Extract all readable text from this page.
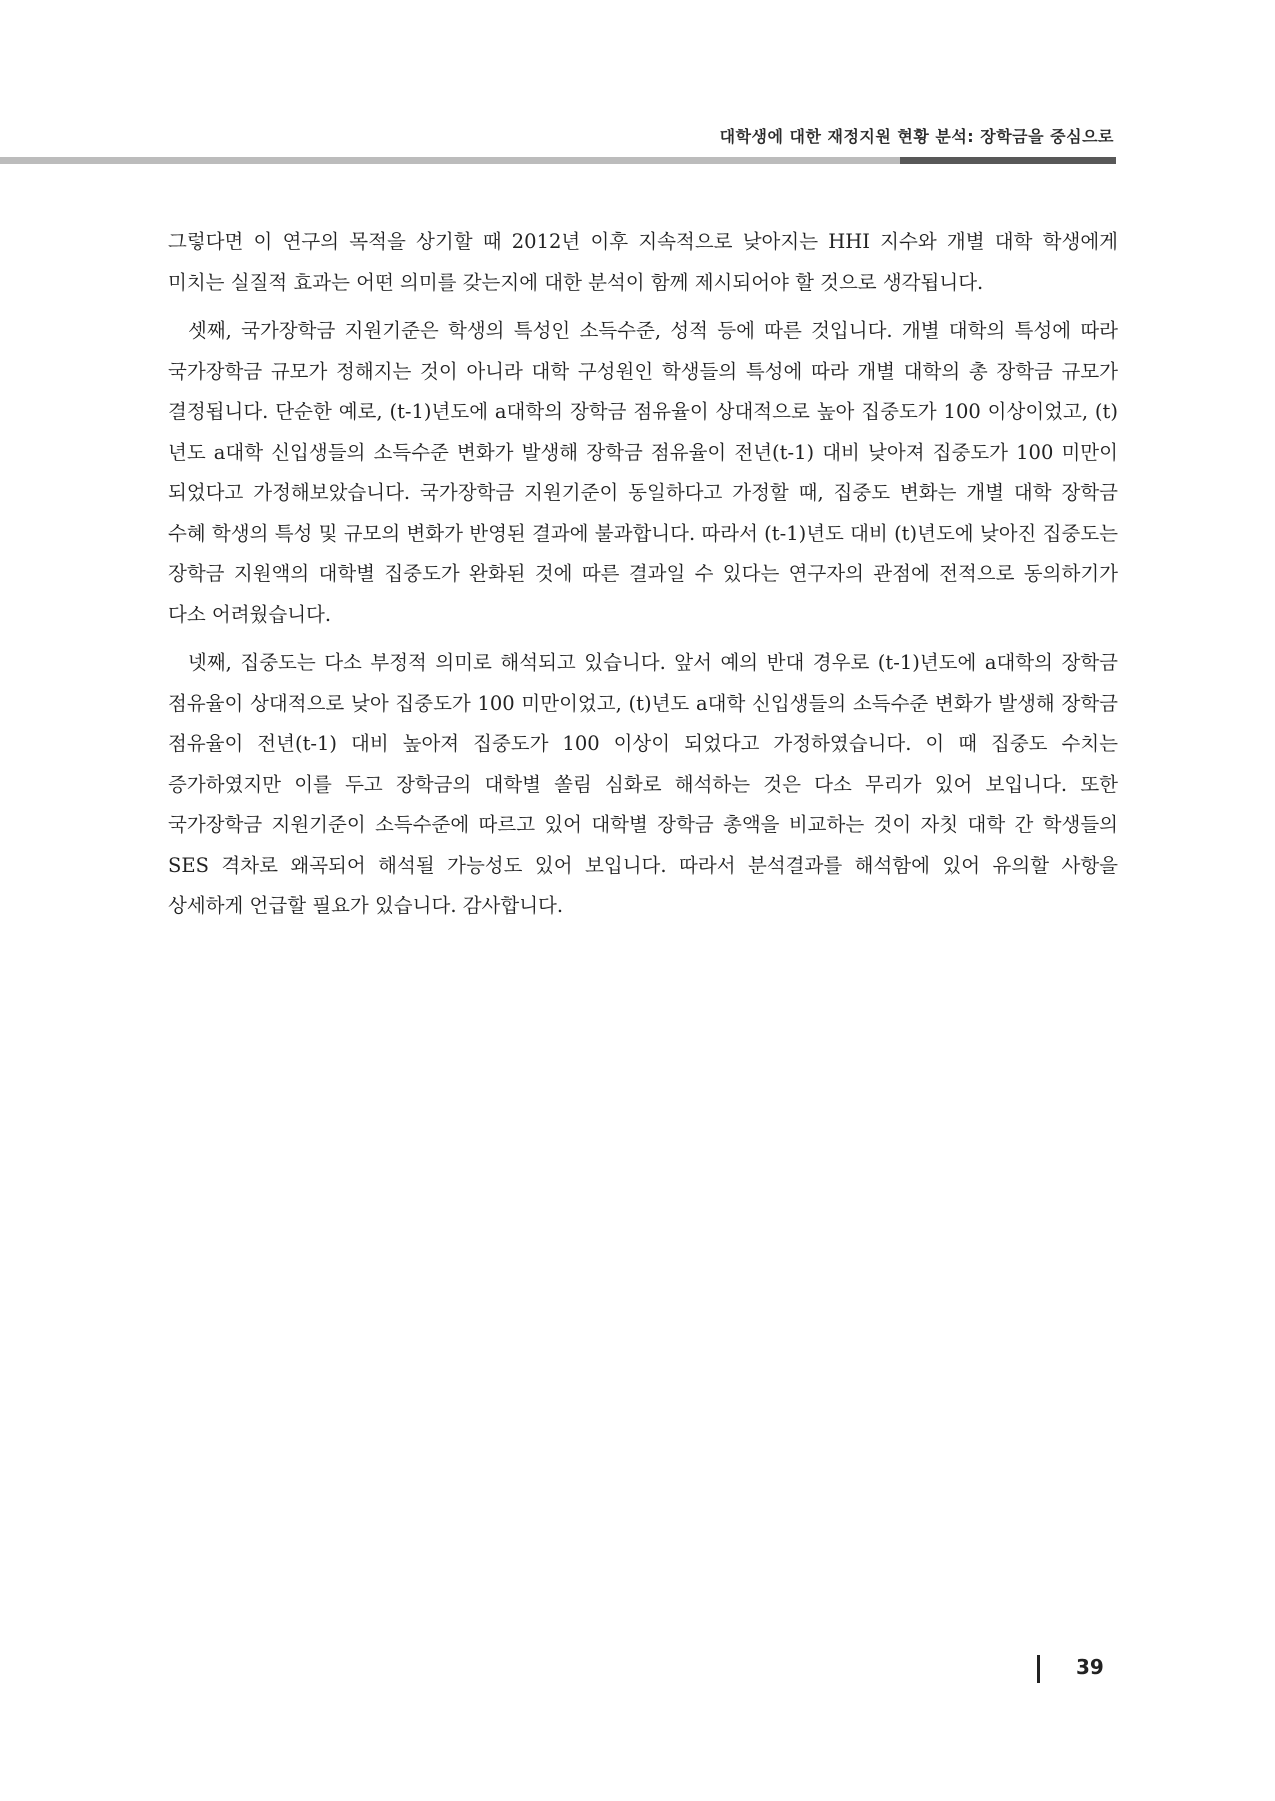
대학생에 대한 재정지원 현황 분석: 장학금을 중심으로

그렇다면 이 연구의 목적을 상기할 때 2012년 이후 지속적으로 낮아지는 HHI 지수와 개별 대학 학생에게 미치는 실질적 효과는 어떤 의미를 갖는지에 대한 분석이 함께 제시되어야 할 것으로 생각됩니다.

셋째, 국가장학금 지원기준은 학생의 특성인 소득수준, 성적 등에 따른 것입니다. 개별 대학의 특성에 따라 국가장학금 규모가 정해지는 것이 아니라 대학 구성원인 학생들의 특성에 따라 개별 대학의 총 장학금 규모가 결정됩니다. 단순한 예로, (t-1)년도에 a대학의 장학금 점유율이 상대적으로 높아 집중도가 100 이상이었고, (t)년도 a대학 신입생들의 소득수준 변화가 발생해 장학금 점유율이 전년(t-1) 대비 낮아져 집중도가 100 미만이 되었다고 가정해보았습니다. 국가장학금 지원기준이 동일하다고 가정할 때, 집중도 변화는 개별 대학 장학금 수혜 학생의 특성 및 규모의 변화가 반영된 결과에 불과합니다. 따라서 (t-1)년도 대비 (t)년도에 낮아진 집중도는 장학금 지원액의 대학별 집중도가 완화된 것에 따른 결과일 수 있다는 연구자의 관점에 전적으로 동의하기가 다소 어려웠습니다.

넷째, 집중도는 다소 부정적 의미로 해석되고 있습니다. 앞서 예의 반대 경우로 (t-1)년도에 a대학의 장학금 점유율이 상대적으로 낮아 집중도가 100 미만이었고, (t)년도 a대학 신입생들의 소득수준 변화가 발생해 장학금 점유율이 전년(t-1) 대비 높아져 집중도가 100 이상이 되었다고 가정하였습니다. 이 때 집중도 수치는 증가하였지만 이를 두고 장학금의 대학별 쏠림 심화로 해석하는 것은 다소 무리가 있어 보입니다. 또한 국가장학금 지원기준이 소득수준에 따르고 있어 대학별 장학금 총액을 비교하는 것이 자칫 대학 간 학생들의 SES 격차로 왜곡되어 해석될 가능성도 있어 보입니다. 따라서 분석결과를 해석함에 있어 유의할 사항을 상세하게 언급할 필요가 있습니다. 감사합니다.

39
